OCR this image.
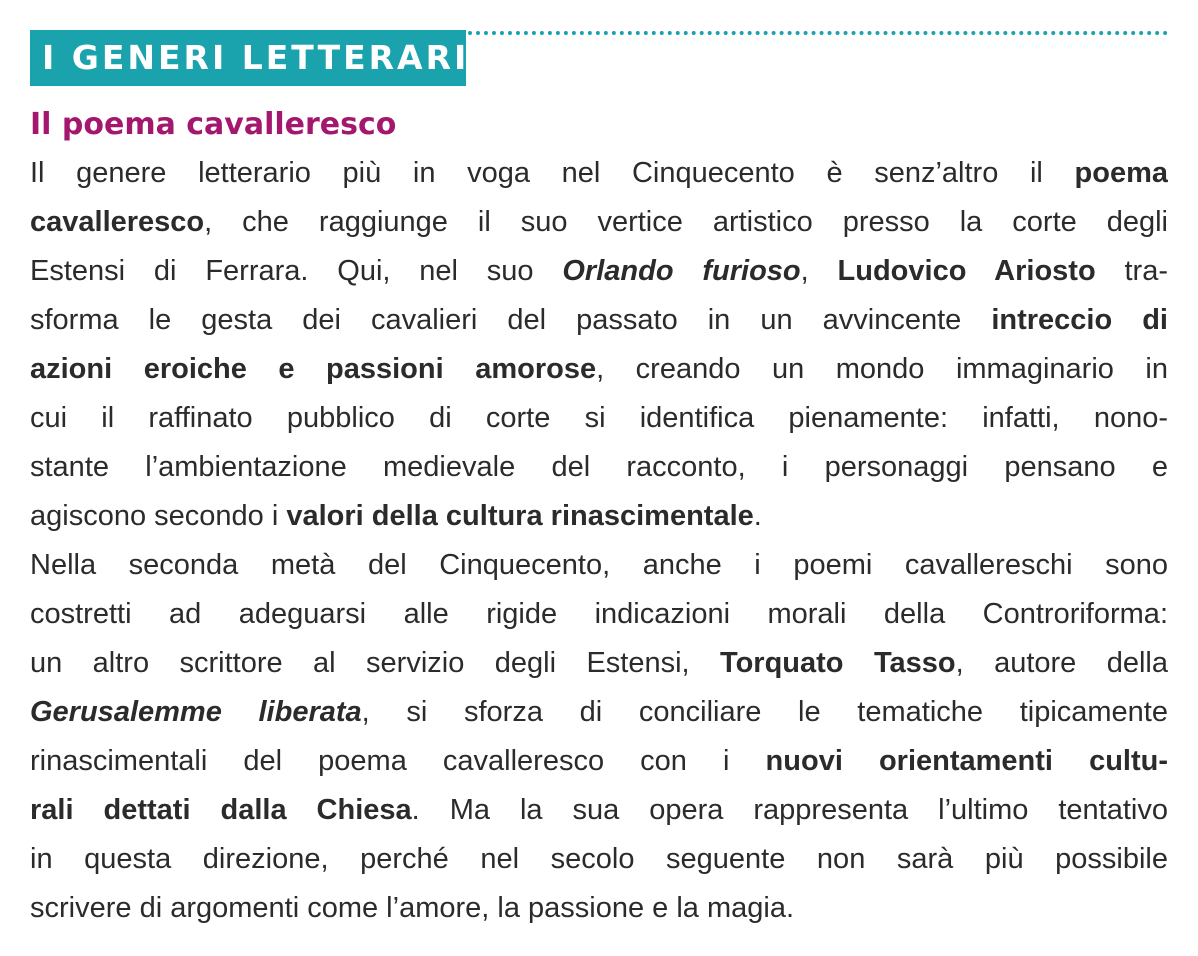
I GENERI LETTERARI
Il poema cavalleresco
Il genere letterario più in voga nel Cinquecento è senz’altro il poema
cavalleresco, che raggiunge il suo vertice artistico presso la corte degli
Estensi di Ferrara. Qui, nel suo Orlando furioso, Ludovico Ariosto tra-
sforma le gesta dei cavalieri del passato in un avvincente intreccio di
azioni eroiche e passioni amorose, creando un mondo immaginario in
cui il raffinato pubblico di corte si identifica pienamente: infatti, nono-
stante l’ambientazione medievale del racconto, i personaggi pensano e
agiscono secondo i valori della cultura rinascimentale.
Nella seconda metà del Cinquecento, anche i poemi cavallereschi sono
costretti ad adeguarsi alle rigide indicazioni morali della Controriforma:
un altro scrittore al servizio degli Estensi, Torquato Tasso, autore della
Gerusalemme liberata, si sforza di conciliare le tematiche tipicamente
rinascimentali del poema cavalleresco con i nuovi orientamenti cultu-
rali dettati dalla Chiesa. Ma la sua opera rappresenta l’ultimo tentativo
in questa direzione, perché nel secolo seguente non sarà più possibile
scrivere di argomenti come l’amore, la passione e la magia.
